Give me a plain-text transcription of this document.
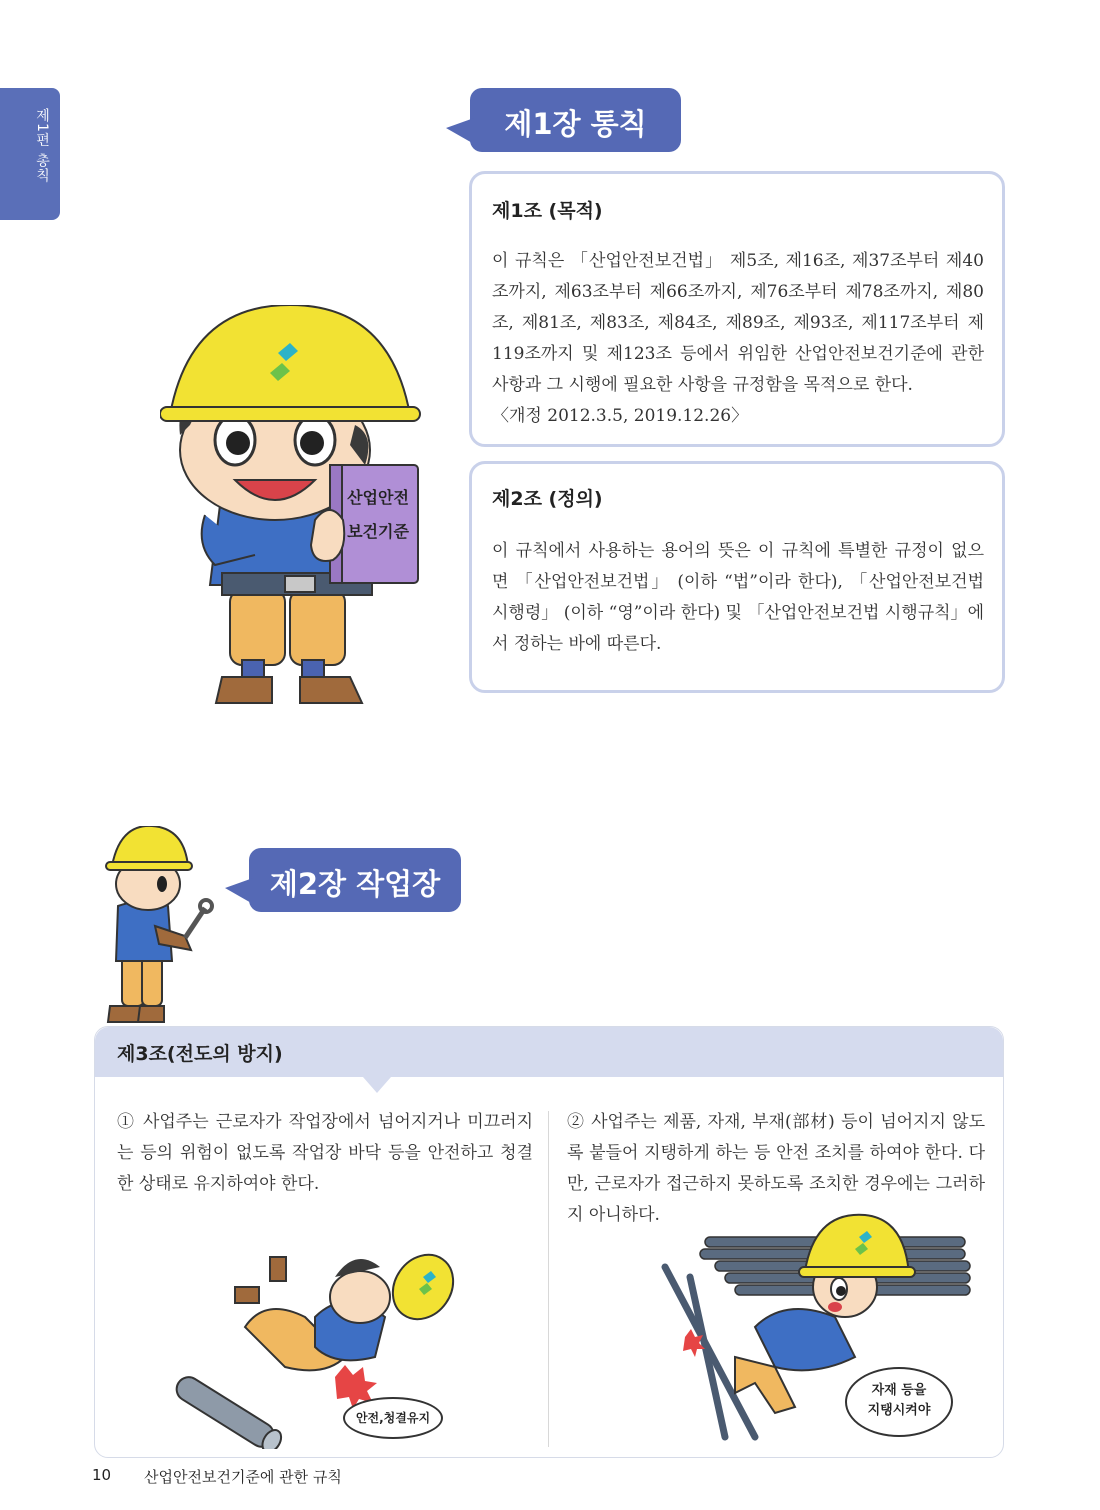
제1편 총칙	제1장 통칙
제1조 (목적)
이 규칙은 「산업안전보건법」 제5조, 제16조, 제37조부터 제40조까지, 제63조부터 제66조까지, 제76조부터 제78조까지, 제80조, 제81조, 제83조, 제84조, 제89조, 제93조, 제117조부터 제119조까지 및 제123조 등에서 위임한 산업안전보건기준에 관한 사항과 그 시행에 필요한 사항을 규정함을 목적으로 한다.
〈개정 2012.3.5, 2019.12.26〉
제2조 (정의)
이 규칙에서 사용하는 용어의 뜻은 이 규칙에 특별한 규정이 없으면 「산업안전보건법」 (이하 “법”이라 한다), 「산업안전보건법 시행령」 (이하 “영”이라 한다) 및 「산업안전보건법 시행규칙」에서 정하는 바에 따른다.
산업안전
보건기준
제2장 작업장
제3조(전도의 방지)
① 사업주는 근로자가 작업장에서 넘어지거나 미끄러지는 등의 위험이 없도록 작업장 바닥 등을 안전하고 청결한 상태로 유지하여야 한다.
② 사업주는 제품, 자재, 부재(部材) 등이 넘어지지 않도록 붙들어 지탱하게 하는 등 안전 조치를 하여야 한다. 다만, 근로자가 접근하지 못하도록 조치한 경우에는 그러하지 아니하다.
안전,청결유지
자재 등을
지탱시켜야
10 산업안전보건기준에 관한 규칙
